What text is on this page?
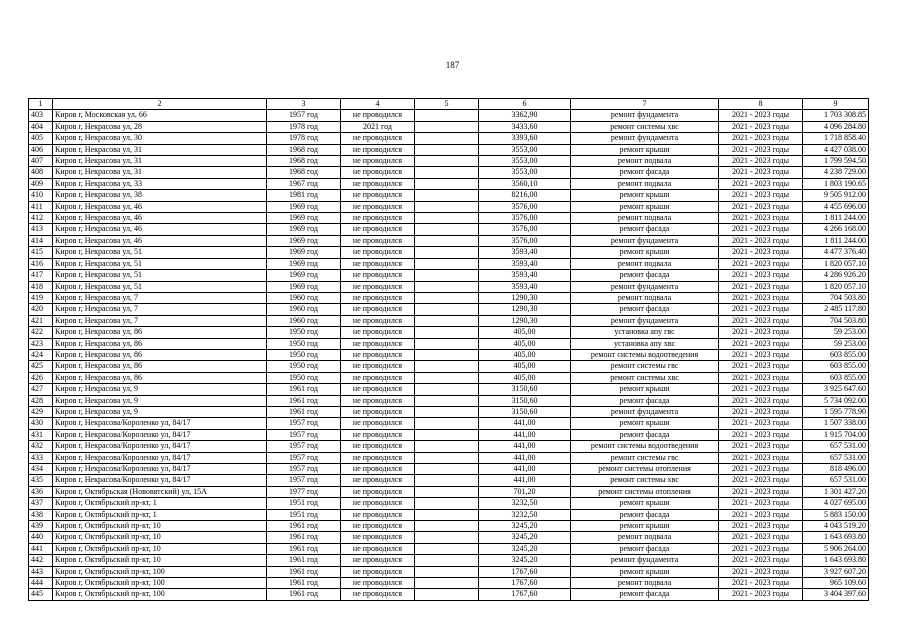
187
1	2	3	4	5	6	7	8	9
403	Киров г, Московская ул, 66	1957 год	не проводился		3362,90	ремонт фундамента	2021 - 2023 годы	1 703 308.85
404	Киров г, Некрасова ул, 28	1978 год	2021 год		3433,60	ремонт системы хвс	2021 - 2023 годы	4 096 284.80
405	Киров г, Некрасова ул, 30	1978 год	не проводился		3393,60	ремонт фундамента	2021 - 2023 годы	1 718 858.40
406	Киров г, Некрасова ул, 31	1968 год	не проводился		3553,00	ремонт крыши	2021 - 2023 годы	4 427 038.00
407	Киров г, Некрасова ул, 31	1968 год	не проводился		3553,00	ремонт подвала	2021 - 2023 годы	1 799 594.50
408	Киров г, Некрасова ул, 31	1968 год	не проводился		3553,00	ремонт фасада	2021 - 2023 годы	4 238 729.00
409	Киров г, Некрасова ул, 33	1967 год	не проводился		3560,10	ремонт подвала	2021 - 2023 годы	1 803 190.65
410	Киров г, Некрасова ул, 38	1981 год	не проводился		8216,00	ремонт крыши	2021 - 2023 годы	9 505 912.00
411	Киров г, Некрасова ул, 46	1969 год	не проводился		3576,00	ремонт крыши	2021 - 2023 годы	4 455 696.00
412	Киров г, Некрасова ул, 46	1969 год	не проводился		3576,00	ремонт подвала	2021 - 2023 годы	1 811 244.00
413	Киров г, Некрасова ул, 46	1969 год	не проводился		3576,00	ремонт фасада	2021 - 2023 годы	4 266 168.00
414	Киров г, Некрасова ул, 46	1969 год	не проводился		3576,00	ремонт фундамента	2021 - 2023 годы	1 811 244.00
415	Киров г, Некрасова ул, 51	1969 год	не проводился		3593,40	ремонт крыши	2021 - 2023 годы	4 477 376.40
416	Киров г, Некрасова ул, 51	1969 год	не проводился		3593,40	ремонт подвала	2021 - 2023 годы	1 820 057.10
417	Киров г, Некрасова ул, 51	1969 год	не проводился		3593,40	ремонт фасада	2021 - 2023 годы	4 286 926.20
418	Киров г, Некрасова ул, 51	1969 год	не проводился		3593,40	ремонт фундамента	2021 - 2023 годы	1 820 057.10
419	Киров г, Некрасова ул, 7	1960 год	не проводился		1290,30	ремонт подвала	2021 - 2023 годы	704 503.80
420	Киров г, Некрасова ул, 7	1960 год	не проводился		1290,30	ремонт фасада	2021 - 2023 годы	2 485 117.80
421	Киров г, Некрасова ул, 7	1960 год	не проводился		1290,30	ремонт фундамента	2021 - 2023 годы	704 503.80
422	Киров г, Некрасова ул, 86	1950 год	не проводился		405,00	установка апу гвс	2021 - 2023 годы	59 253.00
423	Киров г, Некрасова ул, 86	1950 год	не проводился		405,00	установка апу хвс	2021 - 2023 годы	59 253.00
424	Киров г, Некрасова ул, 86	1950 год	не проводился		405,00	ремонт системы водоотведения	2021 - 2023 годы	603 855.00
425	Киров г, Некрасова ул, 86	1950 год	не проводился		405,00	ремонт системы гвс	2021 - 2023 годы	603 855.00
426	Киров г, Некрасова ул, 86	1950 год	не проводился		405,00	ремонт системы хвс	2021 - 2023 годы	603 855.00
427	Киров г, Некрасова ул, 9	1961 год	не проводился		3150,60	ремонт крыши	2021 - 2023 годы	3 925 647.60
428	Киров г, Некрасова ул, 9	1961 год	не проводился		3150,60	ремонт фасада	2021 - 2023 годы	5 734 092.00
429	Киров г, Некрасова ул, 9	1961 год	не проводился		3150,60	ремонт фундамента	2021 - 2023 годы	1 595 778.90
430	Киров г, Некрасова/Короленко ул, 84/17	1957 год	не проводился		441,00	ремонт крыши	2021 - 2023 годы	1 507 338.00
431	Киров г, Некрасова/Короленко ул, 84/17	1957 год	не проводился		441,00	ремонт фасада	2021 - 2023 годы	1 915 704.00
432	Киров г, Некрасова/Короленко ул, 84/17	1957 год	не проводился		441,00	ремонт системы водоотведения	2021 - 2023 годы	657 531.00
433	Киров г, Некрасова/Короленко ул, 84/17	1957 год	не проводился		441,00	ремонт системы гвс	2021 - 2023 годы	657 531.00
434	Киров г, Некрасова/Короленко ул, 84/17	1957 год	не проводился		441,00	ремонт системы отопления	2021 - 2023 годы	818 496.00
435	Киров г, Некрасова/Короленко ул, 84/17	1957 год	не проводился		441,00	ремонт системы хвс	2021 - 2023 годы	657 531.00
436	Киров г, Октябрьская (Нововятский) ул, 15А	1977 год	не проводился		701,20	ремонт системы отопления	2021 - 2023 годы	1 301 427.20
437	Киров г, Октябрьский пр-кт, 1	1951 год	не проводился		3232,50	ремонт крыши	2021 - 2023 годы	4 027 695.00
438	Киров г, Октябрьский пр-кт, 1	1951 год	не проводился		3232,50	ремонт фасада	2021 - 2023 годы	5 883 150.00
439	Киров г, Октябрьский пр-кт, 10	1961 год	не проводился		3245,20	ремонт крыши	2021 - 2023 годы	4 043 519.20
440	Киров г, Октябрьский пр-кт, 10	1961 год	не проводился		3245,20	ремонт подвала	2021 - 2023 годы	1 643 693.80
441	Киров г, Октябрьский пр-кт, 10	1961 год	не проводился		3245,20	ремонт фасада	2021 - 2023 годы	5 906 264.00
442	Киров г, Октябрьский пр-кт, 10	1961 год	не проводился		3245,20	ремонт фундамента	2021 - 2023 годы	1 643 693.80
443	Киров г, Октябрьский пр-кт, 100	1961 год	не проводился		1767,60	ремонт крыши	2021 - 2023 годы	3 927 607.20
444	Киров г, Октябрьский пр-кт, 100	1961 год	не проводился		1767,60	ремонт подвала	2021 - 2023 годы	965 109.60
445	Киров г, Октябрьский пр-кт, 100	1961 год	не проводился		1767,60	ремонт фасада	2021 - 2023 годы	3 404 397.60
